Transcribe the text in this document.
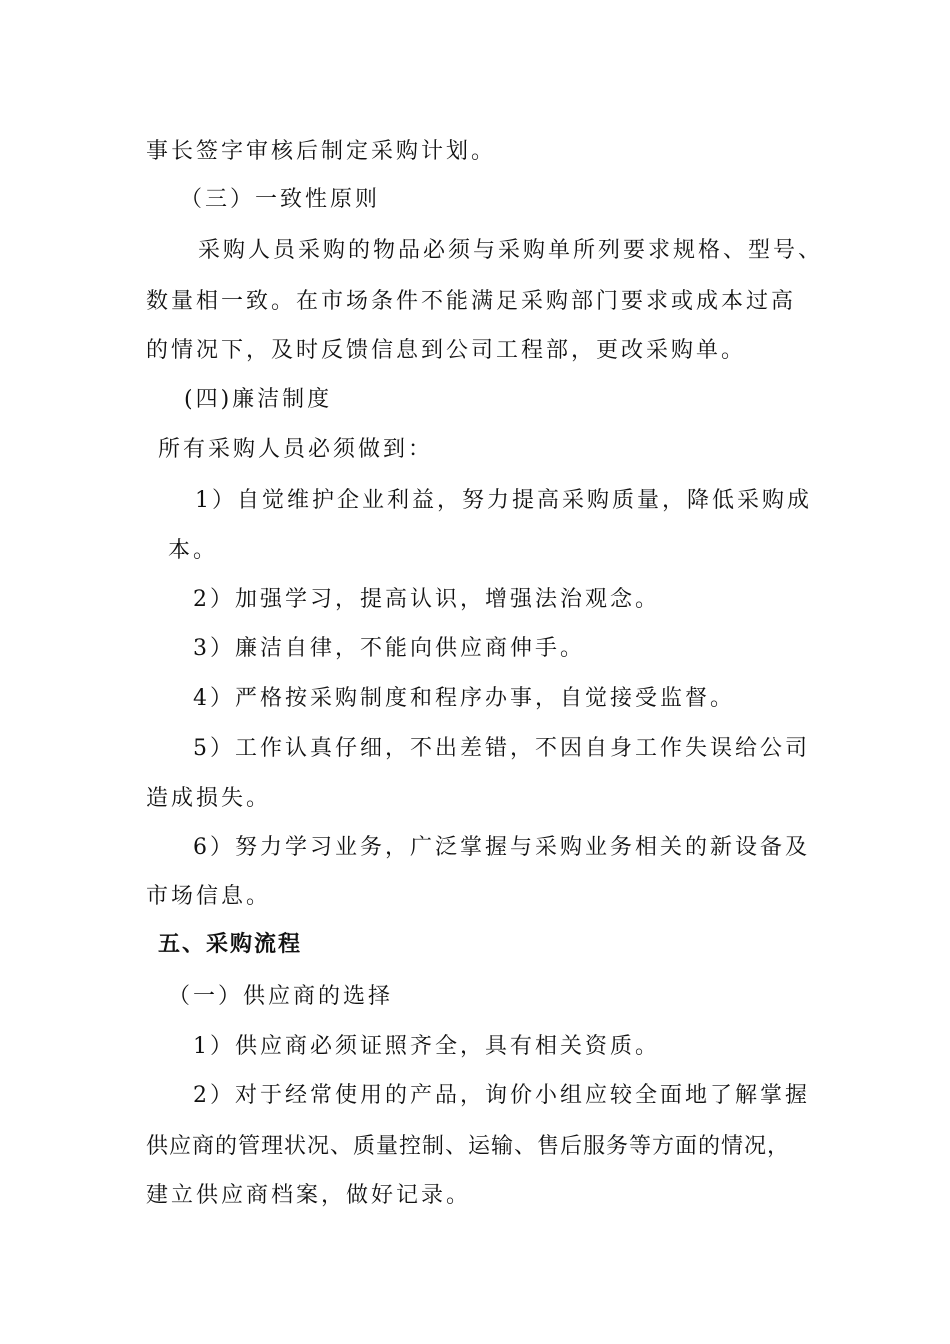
事长签字审核后制定采购计划。
（三）一致性原则
采购人员采购的物品必须与采购单所列要求规格、型号、
数量相一致。在市场条件不能满足采购部门要求或成本过高
的情况下，及时反馈信息到公司工程部，更改采购单。
(四)廉洁制度
所有采购人员必须做到：
1）自觉维护企业利益，努力提高采购质量，降低采购成
本。
2）加强学习，提高认识，增强法治观念。
3）廉洁自律，不能向供应商伸手。
4）严格按采购制度和程序办事，自觉接受监督。
5）工作认真仔细，不出差错，不因自身工作失误给公司
造成损失。
6）努力学习业务，广泛掌握与采购业务相关的新设备及
市场信息。
五、采购流程
（一）供应商的选择
1）供应商必须证照齐全，具有相关资质。
2）对于经常使用的产品，询价小组应较全面地了解掌握
供应商的管理状况、质量控制、运输、售后服务等方面的情况，
建立供应商档案，做好记录。
